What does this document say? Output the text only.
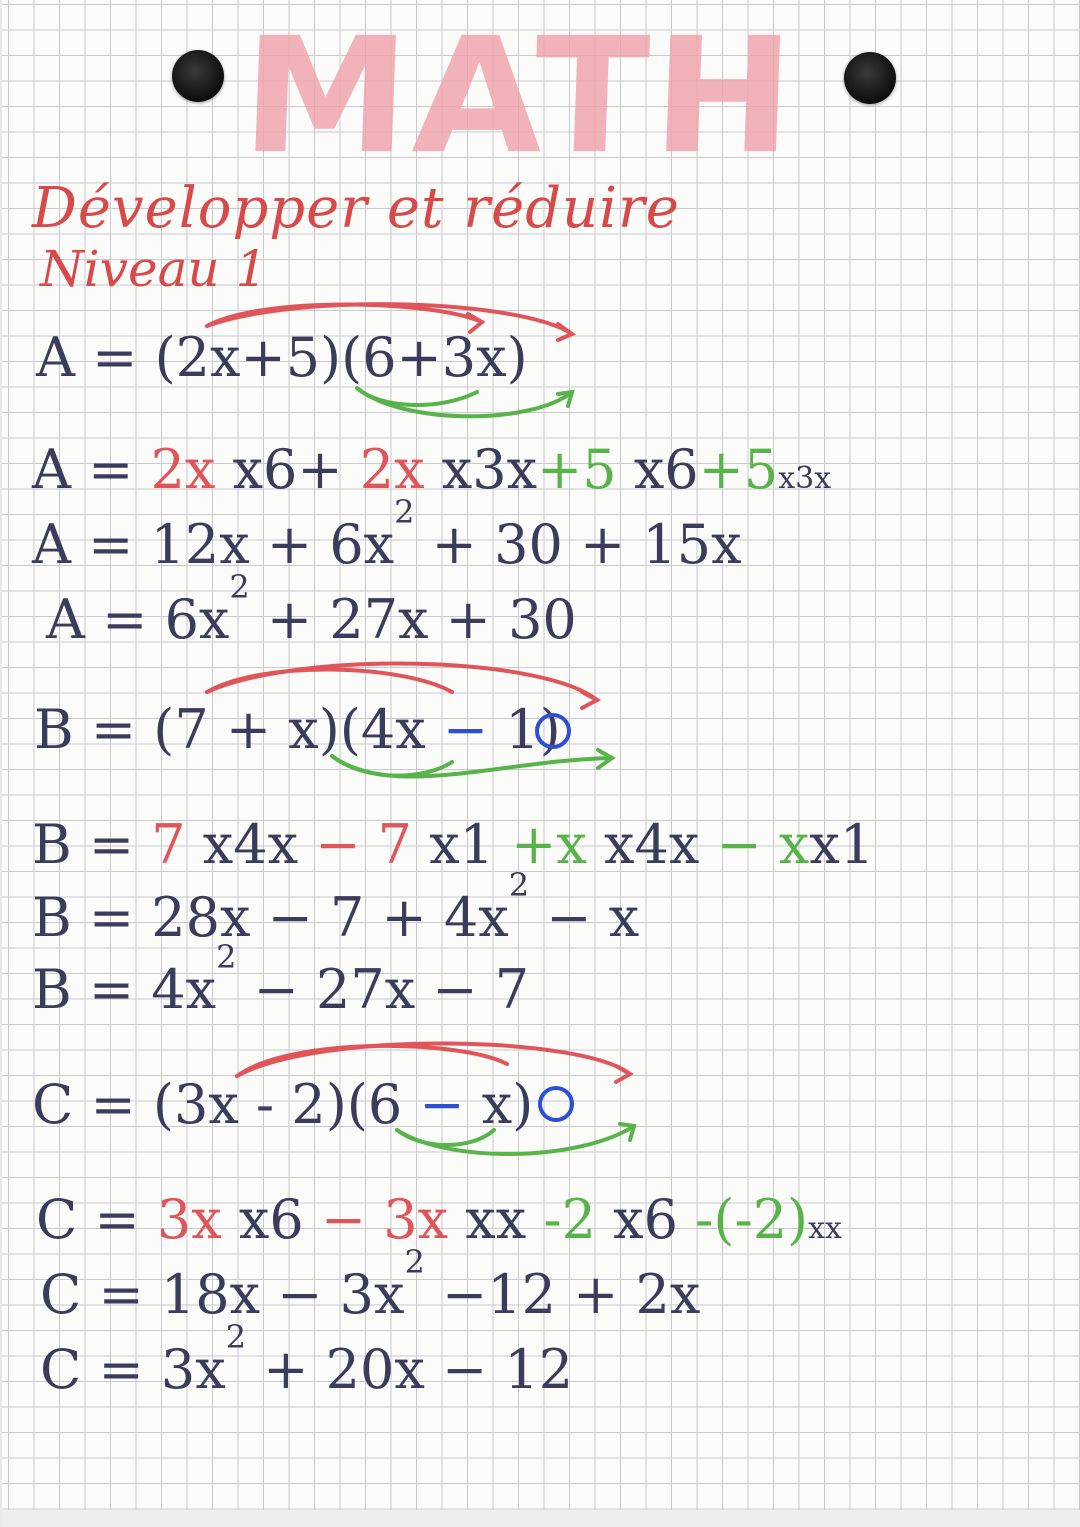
MATH
Développer et réduire
Niveau 1
A = (2x+5)(6+3x)
A = 2x x6+ 2x x3x+5 x6+5x3x
$A = 12x + 6x^2 + 30 + 15x$
$A = 6x^2 + 27x + 30$
B = (7 + x)(4x − 1)
B = 7 x4x − 7 x1 +x x4x − xx1
$B = 28x - 7 + 4x^2 - x$
$B = 4x^2 - 27x - 7$
C = (3x - 2)(6 − x)
C = 3x x6 − 3x xx -2 x6 -(-2)xx
$C = 18x - 3x^2 -12 + 2x$
$C = 3x^2 + 20x - 12$
